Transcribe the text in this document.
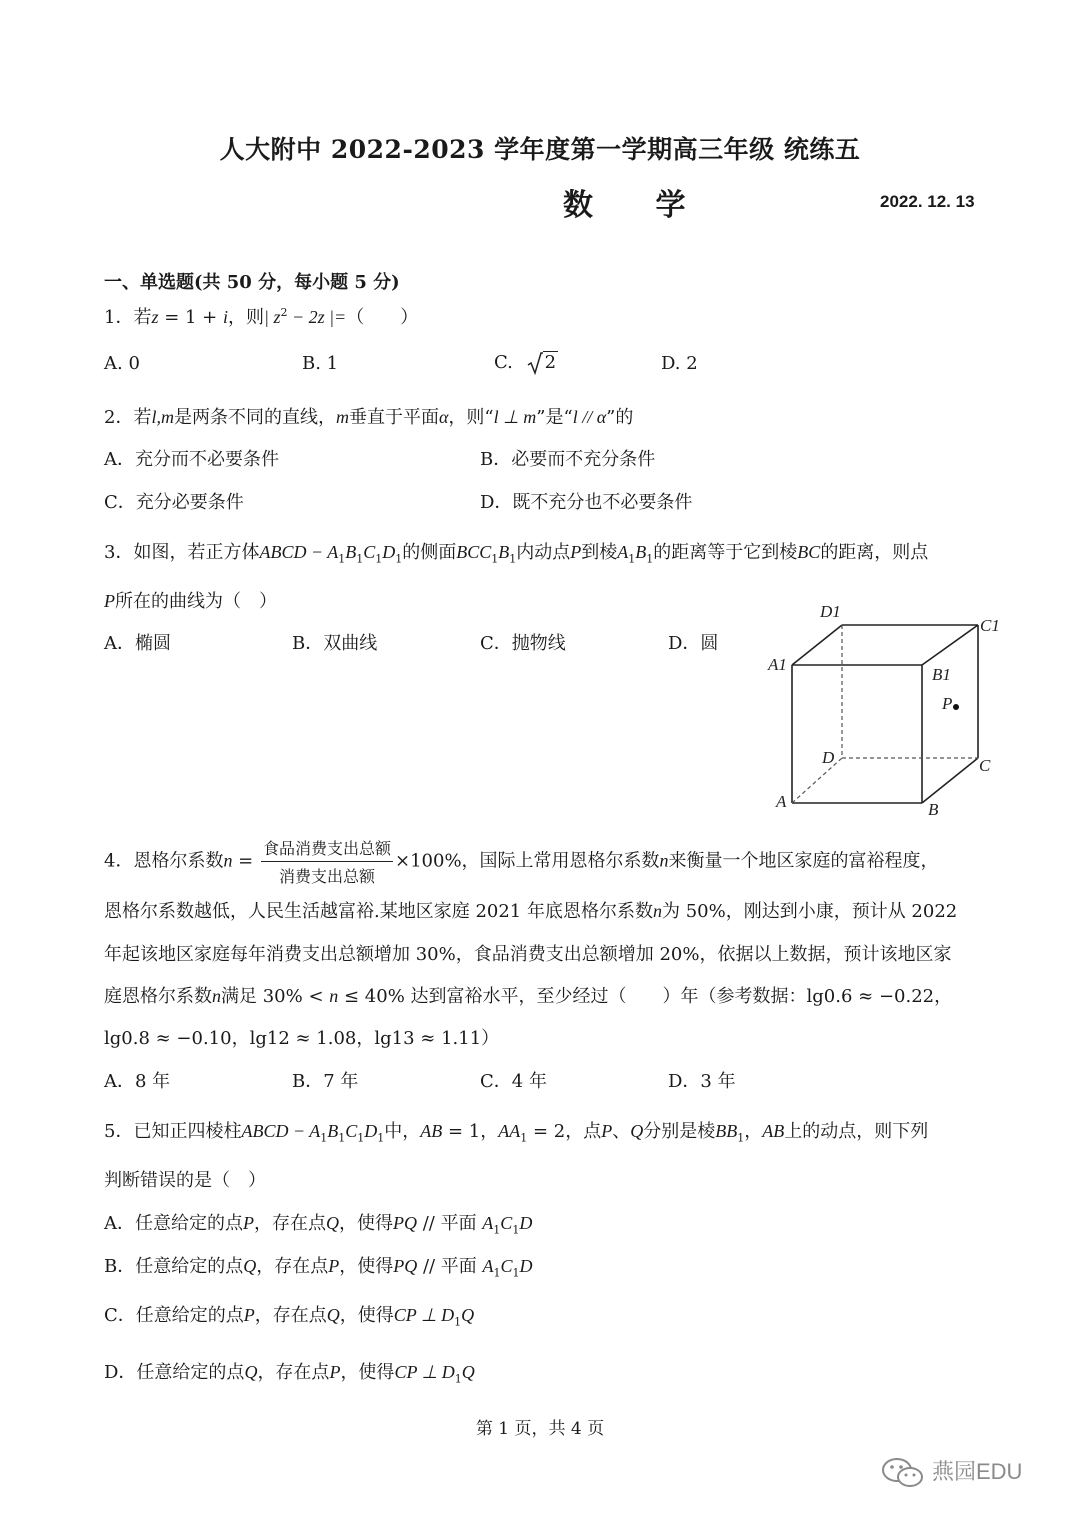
人大附中 2022-2023 学年度第一学期高三年级 统练五
数 学	2022. 12. 13
一、单选题(共 50 分，每小题 5 分)
1．若z = 1 + i，则| $z^2 - 2z$ |=（　　）
A. 0	B. 1	C. 2	D. 2
2．若l,m是两条不同的直线，m垂直于平面α，则“l ⊥ m”是“l // α”的
A．充分而不必要条件	B．必要而不充分条件
C．充分必要条件	D．既不充分也不必要条件
3．如图，若正方体ABCD − $A_1B_1C_1D_1$的侧面$BCC_1B_1$内动点P到棱$A_1B_1$的距离等于它到棱BC的距离，则点
P所在的曲线为（　）
A．椭圆	B．双曲线	C．抛物线	D．圆
D1
C1
A1
B1
P
D	C
A	B
4．恩格尔系数$n = \frac{\text{食品消费支出总额}}{\text{消费支出总额}} \times 100\%$，国际上常用恩格尔系数n来衡量一个地区家庭的富裕程度，
恩格尔系数越低，人民生活越富裕.某地区家庭 2021 年底恩格尔系数n为 50%，刚达到小康，预计从 2022
年起该地区家庭每年消费支出总额增加 30%，食品消费支出总额增加 20%，依据以上数据，预计该地区家
庭恩格尔系数n满足 30% < n ≤ 40% 达到富裕水平，至少经过（　　）年（参考数据：lg0.6 ≈ −0.22，
lg0.8 ≈ −0.10，lg12 ≈ 1.08，lg13 ≈ 1.11）
A．8 年	B．7 年	C．4 年	D．3 年
5．已知正四棱柱ABCD − $A_1B_1C_1D_1$中，AB = 1，$AA_1 = 2$，点P、Q分别是棱$BB_1$，AB上的动点，则下列
判断错误的是（　）
A．任意给定的点P，存在点Q，使得PQ // 平面 $A_1C_1D$
B．任意给定的点Q，存在点P，使得PQ // 平面 $A_1C_1D$
C．任意给定的点P，存在点Q，使得CP ⊥ $D_1Q$
D．任意给定的点Q，存在点P，使得CP ⊥ $D_1Q$
第 1 页，共 4 页
燕园EDU
